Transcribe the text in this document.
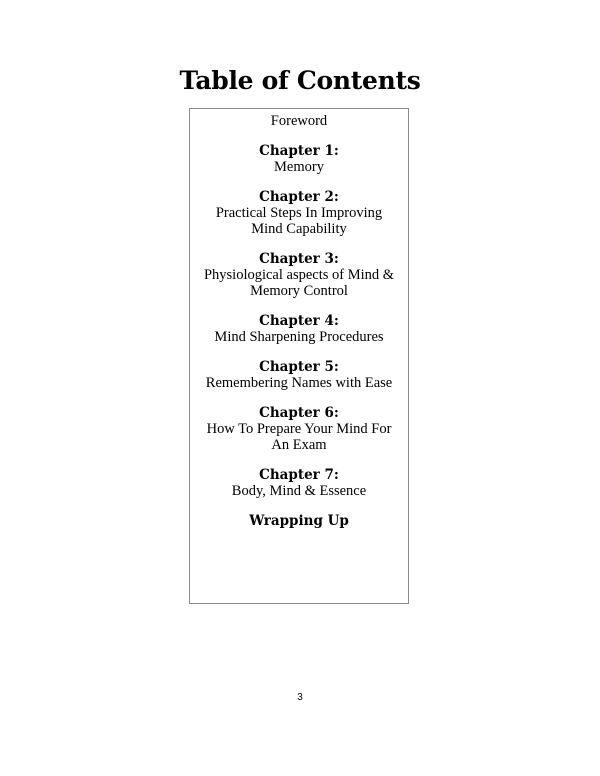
Table of Contents
Foreword
Chapter 1:
Memory
Chapter 2:
Practical Steps In Improving Mind Capability
Chapter 3:
Physiological aspects of Mind & Memory Control
Chapter 4:
Mind Sharpening Procedures
Chapter 5:
Remembering Names with Ease
Chapter 6:
How To Prepare Your Mind For An Exam
Chapter 7:
Body, Mind & Essence
Wrapping Up
3
